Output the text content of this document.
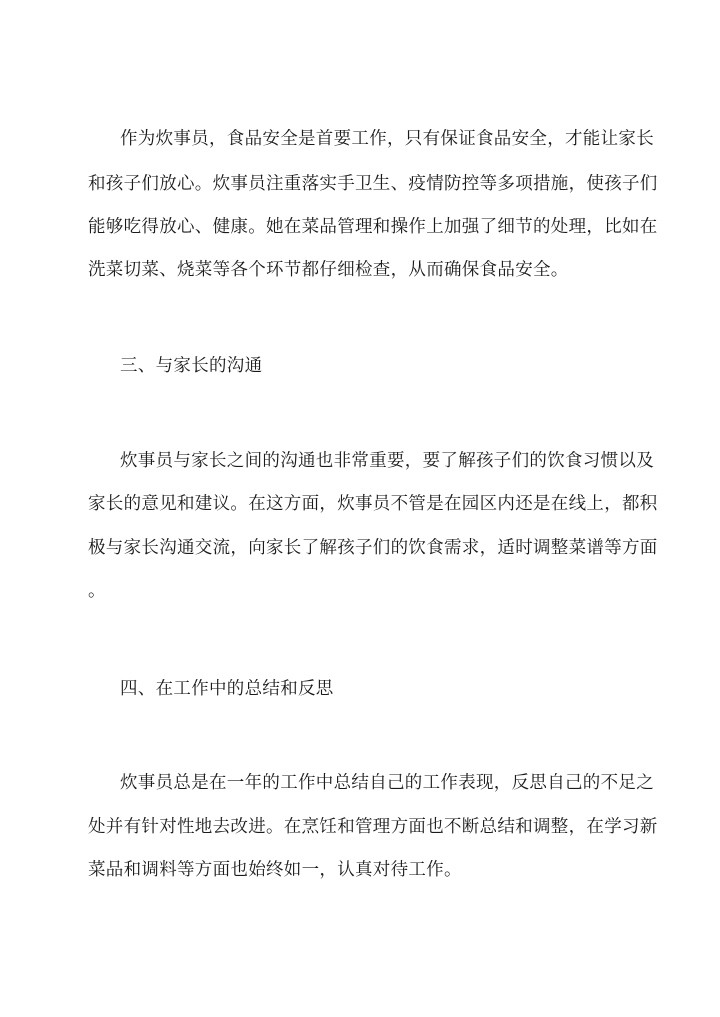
作为炊事员，食品安全是首要工作，只有保证食品安全，才能让家长
和孩子们放心。炊事员注重落实手卫生、疫情防控等多项措施，使孩子们
能够吃得放心、健康。她在菜品管理和操作上加强了细节的处理，比如在
洗菜切菜、烧菜等各个环节都仔细检查，从而确保食品安全。
三、与家长的沟通
炊事员与家长之间的沟通也非常重要，要了解孩子们的饮食习惯以及
家长的意见和建议。在这方面，炊事员不管是在园区内还是在线上，都积
极与家长沟通交流，向家长了解孩子们的饮食需求，适时调整菜谱等方面
。
四、在工作中的总结和反思
炊事员总是在一年的工作中总结自己的工作表现，反思自己的不足之
处并有针对性地去改进。在烹饪和管理方面也不断总结和调整，在学习新
菜品和调料等方面也始终如一，认真对待工作。
